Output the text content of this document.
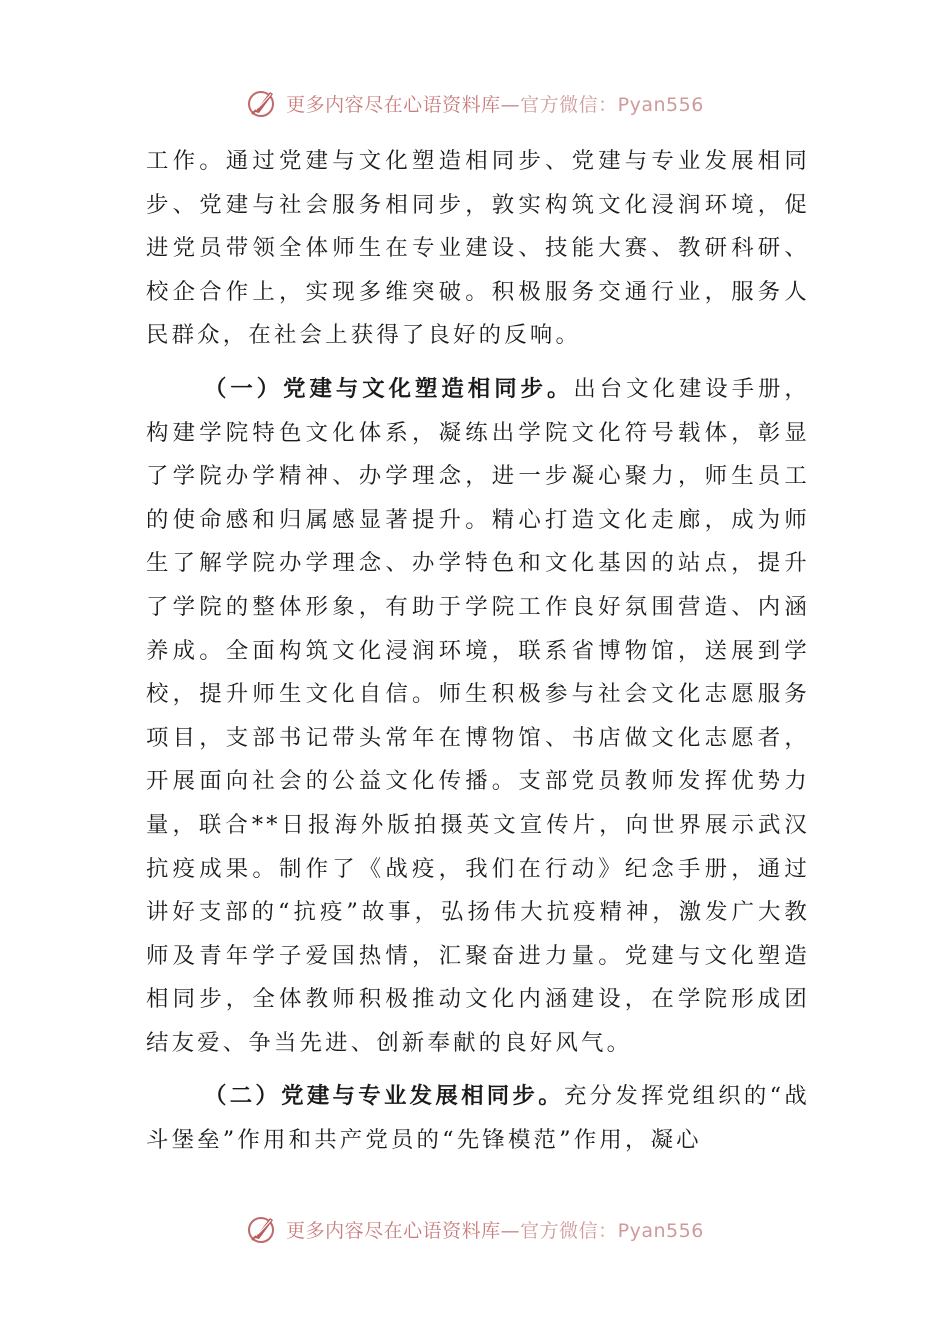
更多内容尽在心语资料库—官方微信：Pyan556

工作。通过党建与文化塑造相同步、党建与专业发展相同步、党建与社会服务相同步，敦实构筑文化浸润环境，促进党员带领全体师生在专业建设、技能大赛、教研科研、校企合作上，实现多维突破。积极服务交通行业，服务人民群众，在社会上获得了良好的反响。

（一）党建与文化塑造相同步。出台文化建设手册，构建学院特色文化体系，凝练出学院文化符号载体，彰显了学院办学精神、办学理念，进一步凝心聚力，师生员工的使命感和归属感显著提升。精心打造文化走廊，成为师生了解学院办学理念、办学特色和文化基因的站点，提升了学院的整体形象，有助于学院工作良好氛围营造、内涵养成。全面构筑文化浸润环境，联系省博物馆，送展到学校，提升师生文化自信。师生积极参与社会文化志愿服务项目，支部书记带头常年在博物馆、书店做文化志愿者，开展面向社会的公益文化传播。支部党员教师发挥优势力量，联合**日报海外版拍摄英文宣传片，向世界展示武汉抗疫成果。制作了《战疫，我们在行动》纪念手册，通过讲好支部的“抗疫”故事，弘扬伟大抗疫精神，激发广大教师及青年学子爱国热情，汇聚奋进力量。党建与文化塑造相同步，全体教师积极推动文化内涵建设，在学院形成团结友爱、争当先进、创新奉献的良好风气。

（二）党建与专业发展相同步。充分发挥党组织的“战斗堡垒”作用和共产党员的“先锋模范”作用，凝心

更多内容尽在心语资料库—官方微信：Pyan556
